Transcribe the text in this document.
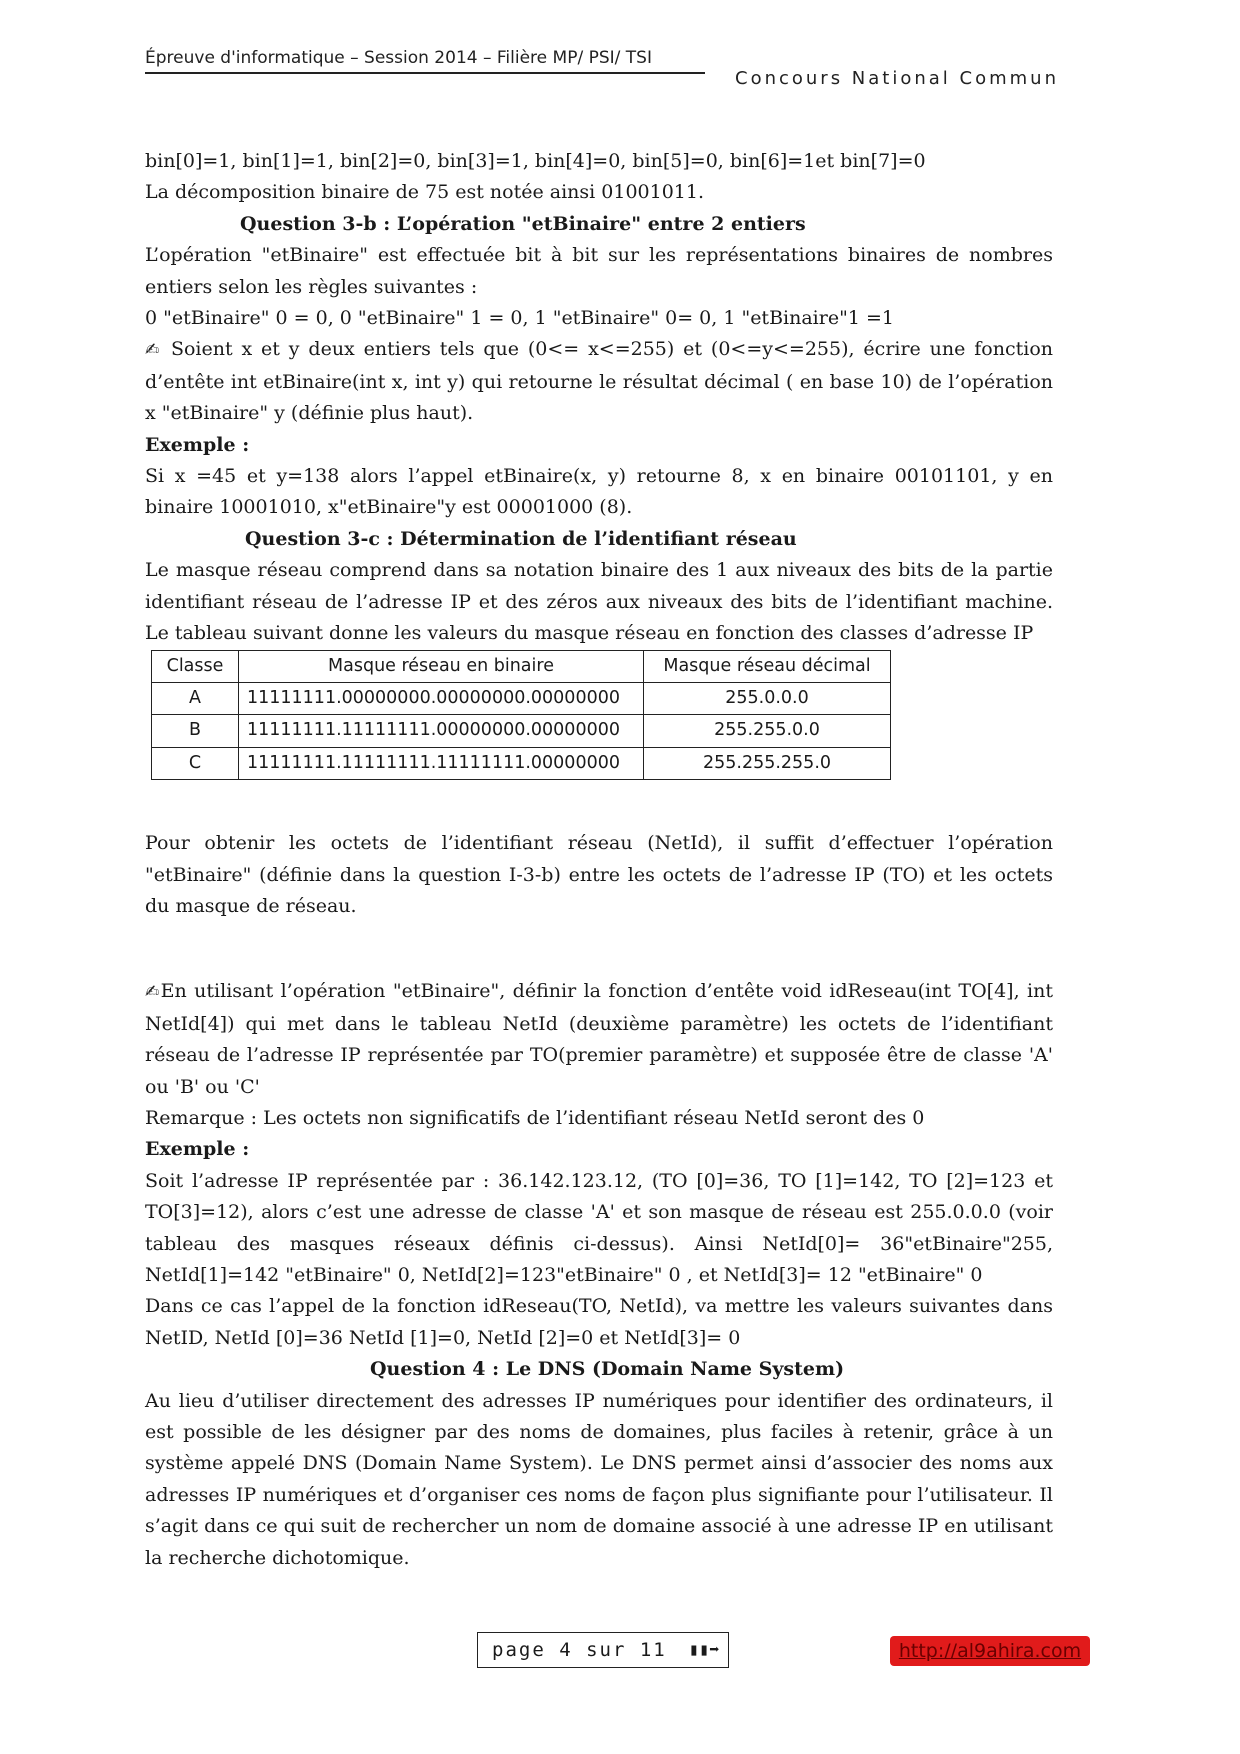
Épreuve d'informatique – Session 2014 – Filière MP/ PSI/ TSI
Concours National Commun

bin[0]=1, bin[1]=1, bin[2]=0, bin[3]=1, bin[4]=0, bin[5]=0, bin[6]=1et bin[7]=0

La décomposition binaire de 75 est notée ainsi 01001011.

Question 3-b : L’opération "etBinaire" entre 2 entiers

L’opération "etBinaire" est effectuée bit à bit sur les représentations binaires de nombres entiers selon les règles suivantes :

0 "etBinaire" 0 = 0, 0 "etBinaire" 1 = 0, 1 "etBinaire" 0= 0, 1 "etBinaire"1 =1

✍ Soient x et y deux entiers tels que (0<= x<=255) et (0<=y<=255), écrire une fonction d’entête int etBinaire(int x, int y) qui retourne le résultat décimal ( en base 10) de l’opération x "etBinaire" y (définie plus haut).

Exemple :

Si x =45 et y=138 alors l’appel etBinaire(x, y) retourne 8, x en binaire 00101101, y en binaire 10001010, x"etBinaire"y est 00001000 (8).

Question 3-c : Détermination de l’identifiant réseau

Le masque réseau comprend dans sa notation binaire des 1 aux niveaux des bits de la partie identifiant réseau de l’adresse IP et des zéros aux niveaux des bits de l’identifiant machine. Le tableau suivant donne les valeurs du masque réseau en fonction des classes d’adresse IP

Classe	Masque réseau en binaire	Masque réseau décimal
A	11111111.00000000.00000000.00000000	255.0.0.0
B	11111111.11111111.00000000.00000000	255.255.0.0
C	11111111.11111111.11111111.00000000	255.255.255.0

Pour obtenir les octets de l’identifiant réseau (NetId), il suffit d’effectuer l’opération "etBinaire" (définie dans la question I-3-b) entre les octets de l’adresse IP (TO) et les octets du masque de réseau.

✍En utilisant l’opération "etBinaire", définir la fonction d’entête void idReseau(int TO[4], int NetId[4]) qui met dans le tableau NetId (deuxième paramètre) les octets de l’identifiant réseau de l’adresse IP représentée par TO(premier paramètre) et supposée être de classe 'A' ou 'B' ou 'C'

Remarque : Les octets non significatifs de l’identifiant réseau NetId seront des 0

Exemple :

Soit l’adresse IP représentée par : 36.142.123.12, (TO [0]=36, TO [1]=142, TO [2]=123 et TO[3]=12), alors c’est une adresse de classe 'A' et son masque de réseau est 255.0.0.0 (voir tableau des masques réseaux définis ci-dessus). Ainsi NetId[0]= 36"etBinaire"255, NetId[1]=142 "etBinaire" 0, NetId[2]=123"etBinaire" 0 , et NetId[3]= 12 "etBinaire" 0

Dans ce cas l’appel de la fonction idReseau(TO, NetId), va mettre les valeurs suivantes dans NetID, NetId [0]=36 NetId [1]=0, NetId [2]=0 et NetId[3]= 0

Question 4 : Le DNS (Domain Name System)

Au lieu d’utiliser directement des adresses IP numériques pour identifier des ordinateurs, il est possible de les désigner par des noms de domaines, plus faciles à retenir, grâce à un système appelé DNS (Domain Name System). Le DNS permet ainsi d’associer des noms aux adresses IP numériques et d’organiser ces noms de façon plus signifiante pour l’utilisateur. Il s’agit dans ce qui suit de rechercher un nom de domaine associé à une adresse IP en utilisant la recherche dichotomique.

page 4 sur 11 ▮▮➡	http://al9ahira.com
